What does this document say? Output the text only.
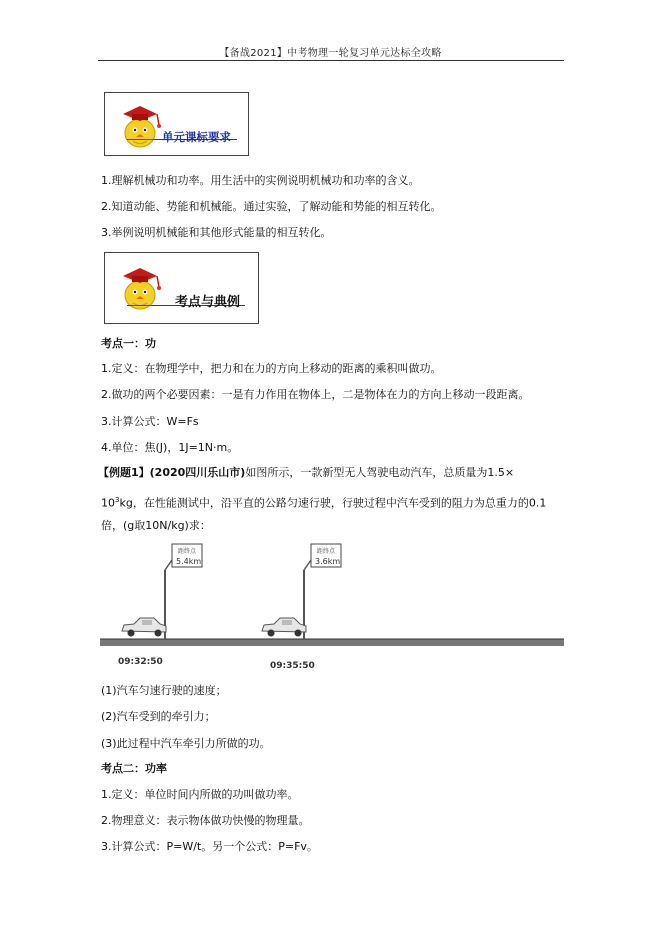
【备战2021】中考物理一轮复习单元达标全攻略
单元课标要求
1.理解机械功和功率。用生活中的实例说明机械功和功率的含义。
2.知道动能、势能和机械能。通过实验，了解动能和势能的相互转化。
3.举例说明机械能和其他形式能量的相互转化。
考点与典例
考点一：功
1.定义：在物理学中，把力和在力的方向上移动的距离的乘积叫做功。
2.做功的两个必要因素：一是有力作用在物体上，二是物体在力的方向上移动一段距离。
3.计算公式：W=Fs
4.单位：焦(J)，1J=1N·m。
【例题1】(2020四川乐山市)如图所示，一款新型无人驾驶电动汽车，总质量为1.5×
$10^3kg$，在性能测试中，沿平直的公路匀速行驶，行驶过程中汽车受到的阻力为总重力的0.1
倍，(g取10N/kg)求：
距终点
5.4km
距终点
3.6km
09:32:50	09:35:50
(1)汽车匀速行驶的速度；
(2)汽车受到的牵引力；
(3)此过程中汽车牵引力所做的功。
考点二：功率
1.定义：单位时间内所做的功叫做功率。
2.物理意义：表示物体做功快慢的物理量。
3.计算公式：P=W/t。另一个公式：P=Fv。
